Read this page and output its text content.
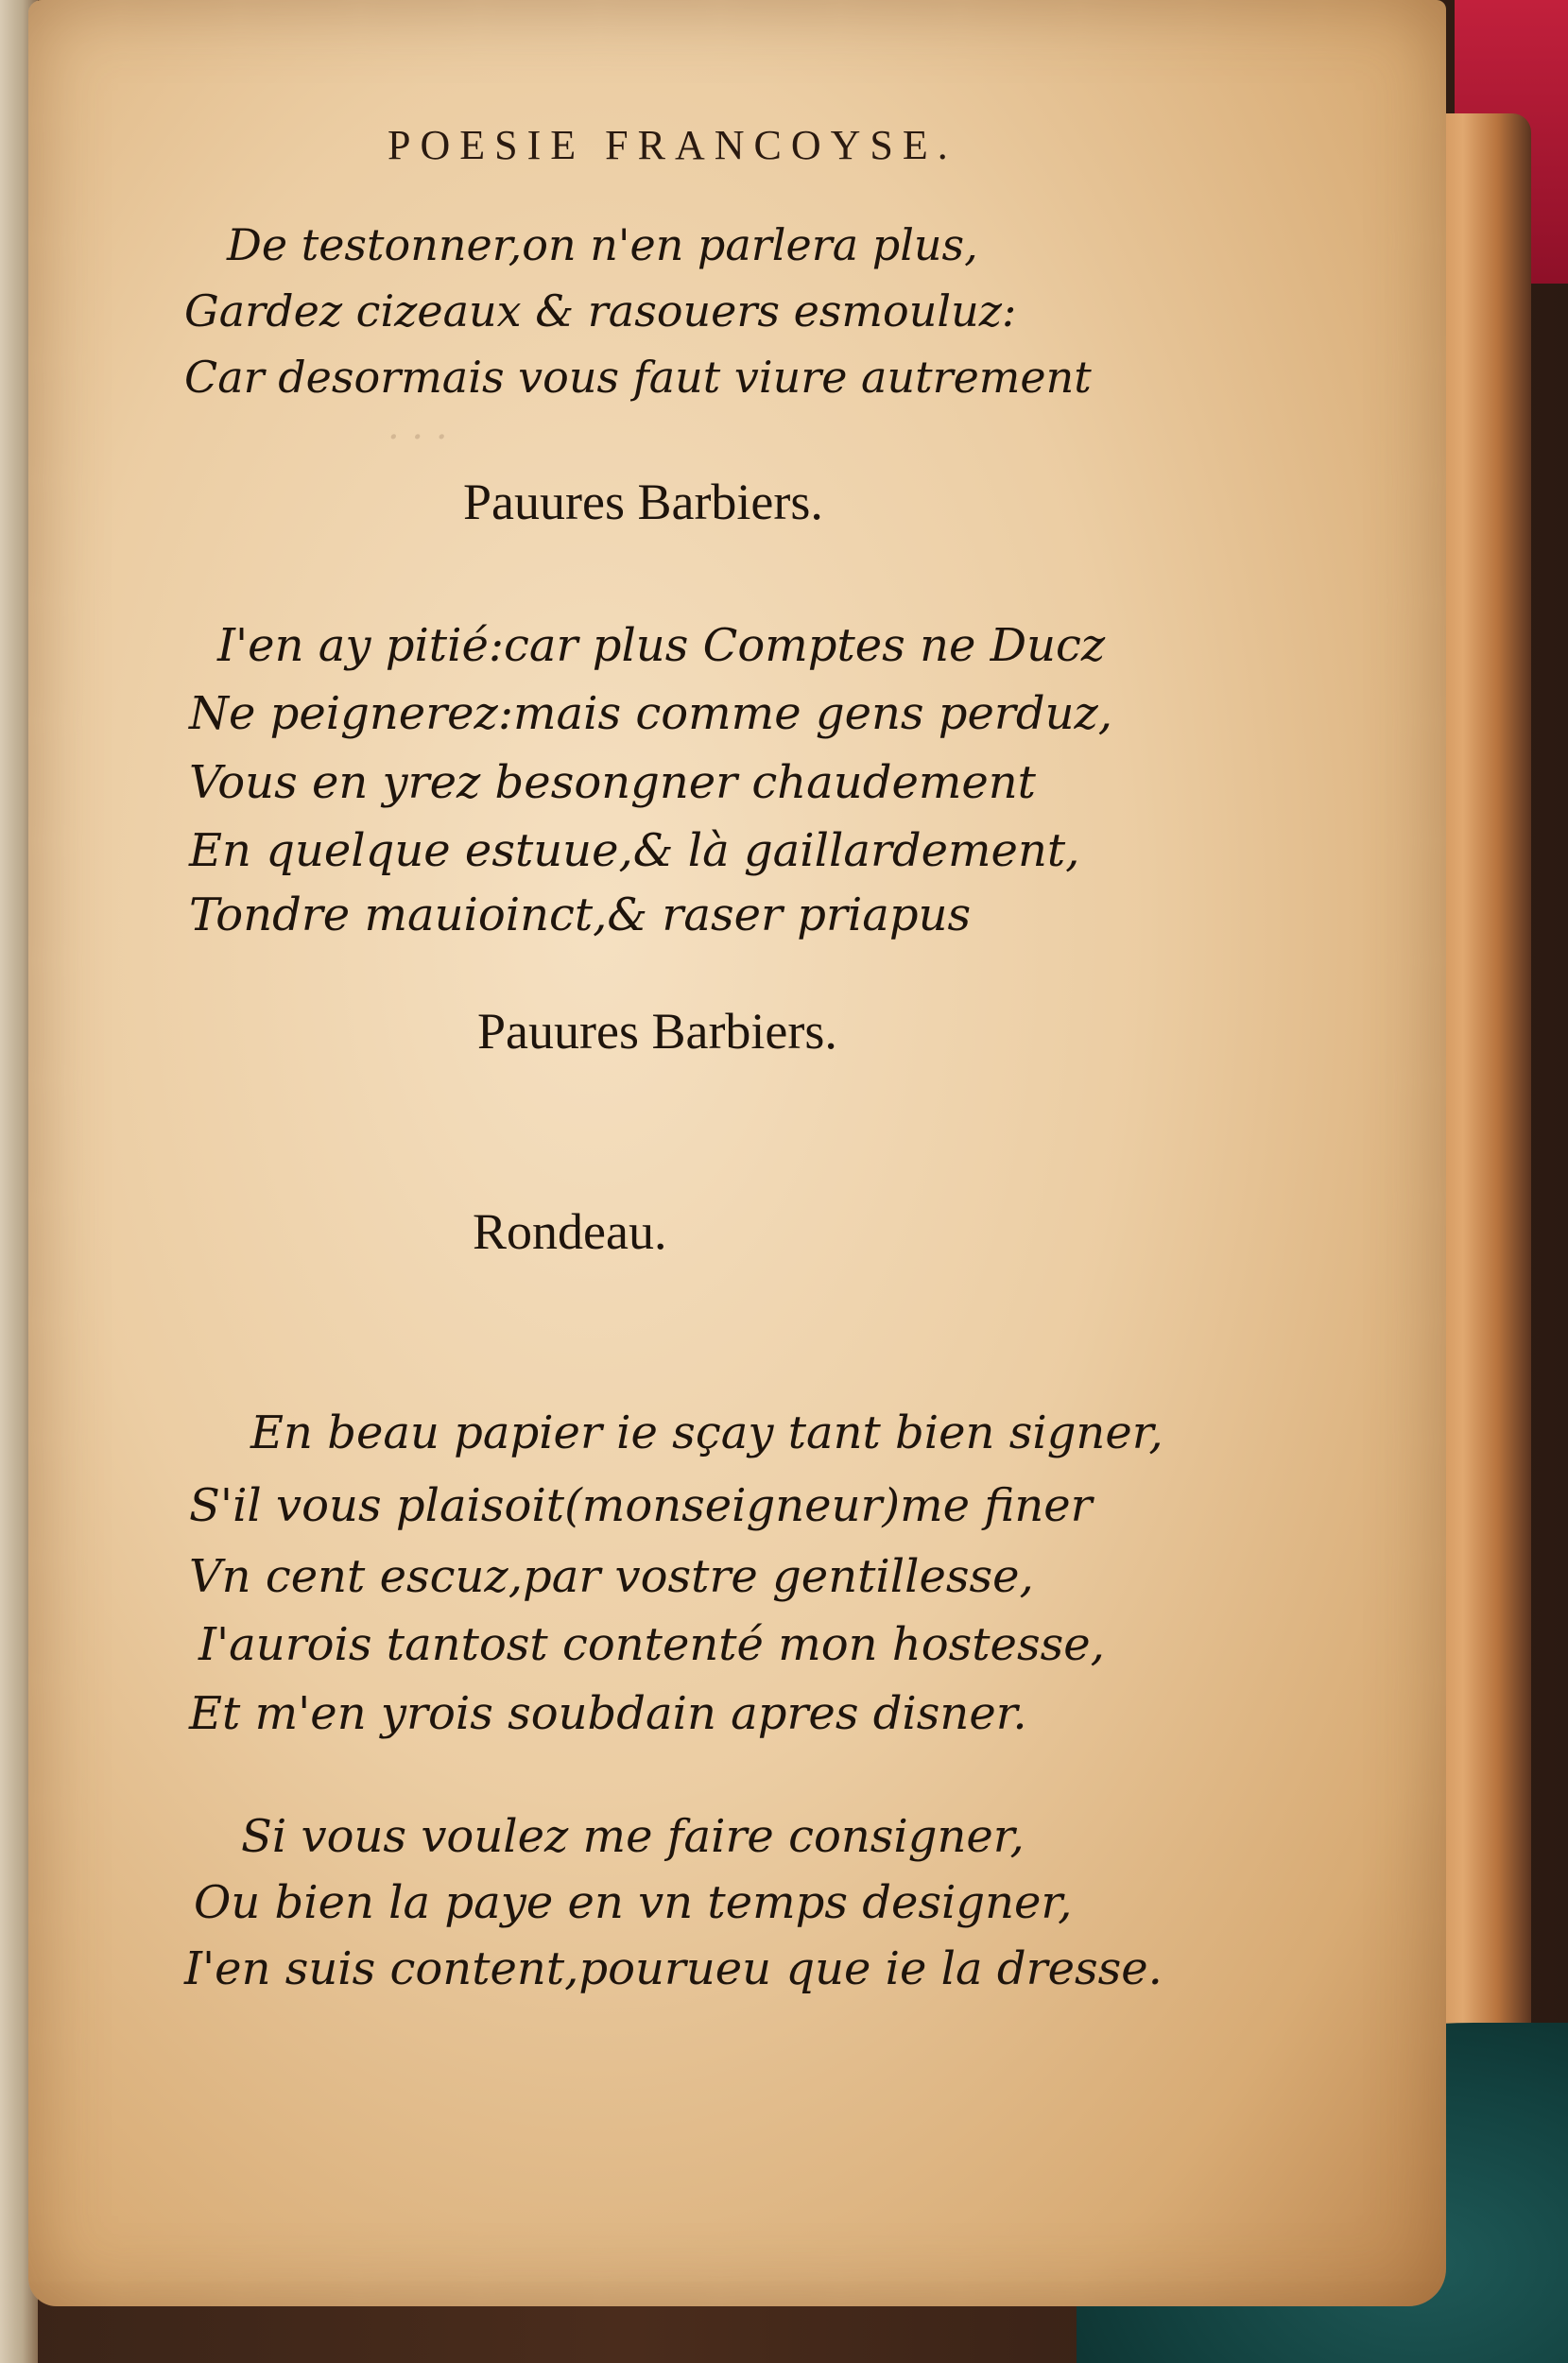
POESIE FRANCOYSE.
De testonner,on n'en parlera plus,
Gardez cizeaux & rasouers esmouluz:
Car desormais vous faut viure autrement
· · ·
Pauures Barbiers.
I'en ay pitié:car plus Comptes ne Ducz
Ne peignerez:mais comme gens perduz,
Vous en yrez besongner chaudement
En quelque estuue,& là gaillardement,
Tondre mauioinct,& raser priapus
Pauures Barbiers.
Rondeau.
En beau papier ie sçay tant bien signer,
S'il vous plaisoit(monseigneur)me finer
Vn cent escuz,par vostre gentillesse,
I'aurois tantost contenté mon hostesse,
Et m'en yrois soubdain apres disner.
Si vous voulez me faire consigner,
Ou bien la paye en vn temps designer,
I'en suis content,pourueu que ie la dresse.
